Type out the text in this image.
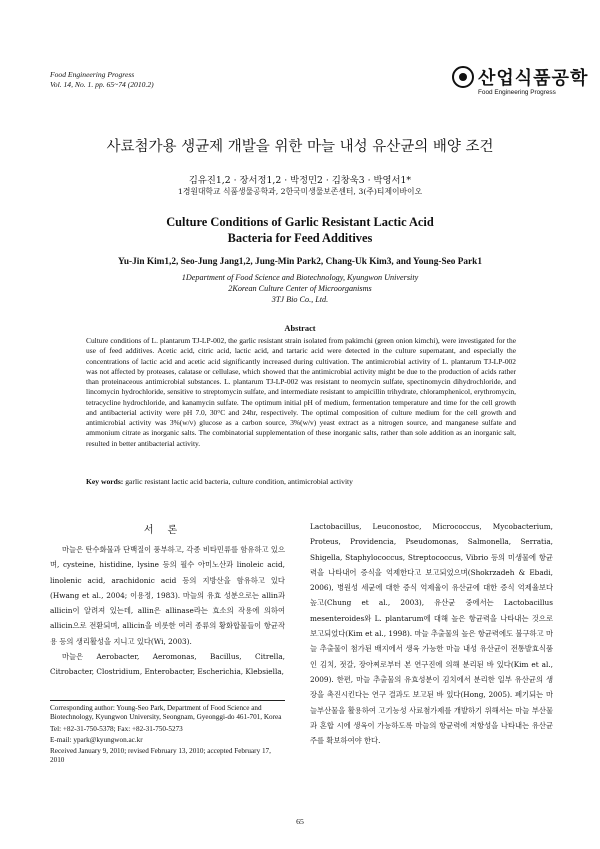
Food Engineering Progress
Vol. 14, No. 1. pp. 65~74 (2010.2)	산업식품공학
Food Engineering Progress
사료첨가용 생균제 개발을 위한 마늘 내성 유산균의 배양 조건
김유진1,2 · 장서정1,2 · 박정민2 · 김창욱3 · 박영서1*
1경원대학교 식품생물공학과, 2한국미생물보존센터, 3(주)티제이바이오
Culture Conditions of Garlic Resistant Lactic Acid
Bacteria for Feed Additives
Yu-Jin Kim1,2, Seo-Jung Jang1,2, Jung-Min Park2, Chang-Uk Kim3, and Young-Seo Park1
1Department of Food Science and Biotechnology, Kyungwon University
2Korean Culture Center of Microorganisms
3TJ Bio Co., Ltd.
Abstract
Culture conditions of L. plantarum TJ-LP-002, the garlic resistant strain isolated from pakimchi (green onion kimchi), were investigated for the use of feed additives. Acetic acid, citric acid, lactic acid, and tartaric acid were detected in the culture supernatant, and especially the concentrations of lactic acid and acetic acid significantly increased during cultivation. The antimicrobial activity of L. plantarum TJ-LP-002 was not affected by proteases, calatase or cellulase, which showed that the antimicrobial activity might be due to the production of acids rather than proteinaceous antimicrobial substances. L. plantarum TJ-LP-002 was resistant to neomycin sulfate, spectinomycin dihydrochloride, and lincomycin hydrochloride, sensitive to streptomycin sulfate, and intermediate resistant to ampicillin trihydrate, chloramphenicol, erythromycin, tetracycline hydrochloride, and kanamycin sulfate. The optimum initial pH of medium, fermentation temperature and time for the cell growth and antibacterial activity were pH 7.0, 30°C and 24hr, respectively. The optimal composition of culture medium for the cell growth and antimicrobial activity was 3%(w/v) glucose as a carbon source, 3%(w/v) yeast extract as a nitrogen source, and manganese sulfate and ammonium citrate as inorganic salts. The combinatorial supplementation of these inorganic salts, rather than sole addition as an inorganic salt, resulted in better antibacterial activity.
Key words: garlic resistant lactic acid bacteria, culture condition, antimicrobial activity
서론

마늘은 탄수화물과 단백질이 풍부하고, 각종 비타민류를 함유하고 있으며, cysteine, histidine, lysine 등의 필수 아미노산과 linoleic acid, linolenic acid, arachidonic acid 등의 지방산을 함유하고 있다(Hwang et al., 2004; 이용정, 1983). 마늘의 유효 성분으로는 allin과 allicin이 알려져 있는데, allin은 allinase라는 효소의 작용에 의하여 allicin으로 전환되며, allicin을 비롯한 여러 종류의 황화합물들이 항균작용 등의 생리활성을 지니고 있다(Wi, 2003).

마늘은 Aerobacter, Aeromonas, Bacillus, Citrella, Citrobacter, Clostridium, Enterobacter, Escherichia, Klebsiella,

Lactobacillus, Leuconostoc, Micrococcus, Mycobacterium, Proteus, Providencia, Pseudomonas, Salmonella, Serratia, Shigella, Staphylococcus, Streptococcus, Vibrio 등의 미생물에 항균력을 나타내어 증식을 억제한다고 보고되었으며(Shokrzadeh & Ebadi, 2006), 병원성 세균에 대한 증식 억제율이 유산균에 대한 증식 억제율보다 높고(Chung et al., 2003), 유산균 중에서는 Lactobacillus mesenteroides와 L. plantarum에 대해 높은 항균력을 나타내는 것으로 보고되었다(Kim et al., 1998). 마늘 추출물의 높은 항균력에도 불구하고 마늘 추출물이 첨가된 배지에서 생육 가능한 마늘 내성 유산균이 전통발효식품인 김치, 젓갈, 장아찌로부터 본 연구진에 의해 분리된 바 있다(Kim et al., 2009). 한편, 마늘 추출물의 유효성분이 김치에서 분리한 일부 유산균의 생장을 촉진시킨다는 연구 결과도 보고된 바 있다(Hong, 2005). 폐기되는 마늘부산물을 활용하여 고기능성 사료첨가제를 개발하기 위해서는 마늘 부산물과 혼합 시에 생육이 가능하도록 마늘의 항균력에 저항성을 나타내는 유산균주를 확보하여야 한다.

Corresponding author: Young-Seo Park, Department of Food Science and Biotechnology, Kyungwon University, Seongnam, Gyeonggi-do 461-701, Korea

Tel: +82-31-750-5378; Fax: +82-31-750-5273

E-mail: ypark@kyungwon.ac.kr

Received January 9, 2010; revised February 13, 2010; accepted February 17, 2010

65
